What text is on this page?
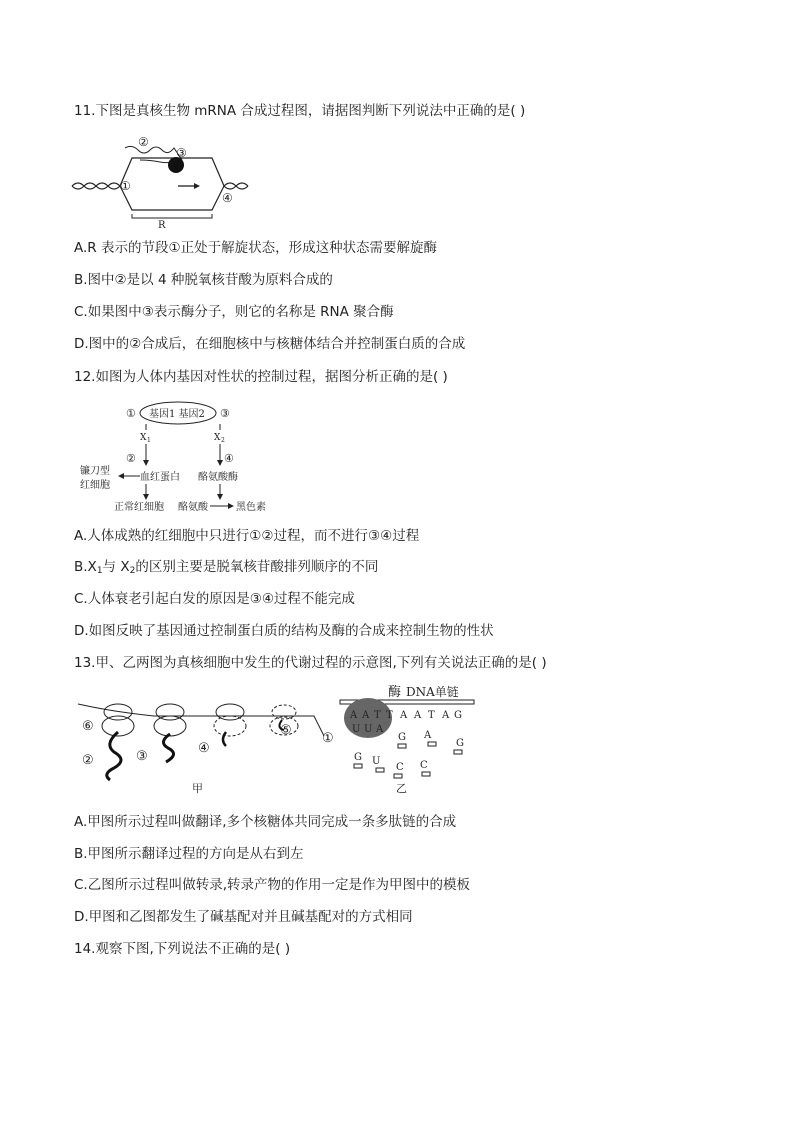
11.下图是真核生物 mRNA 合成过程图，请据图判断下列说法中正确的是( )
R
①
②
③
④
A.R 表示的节段①正处于解旋状态，形成这种状态需要解旋酶
B.图中②是以 4 种脱氧核苷酸为原料合成的
C.如果图中③表示酶分子，则它的名称是 RNA 聚合酶
D.图中的②合成后，在细胞核中与核糖体结合并控制蛋白质的合成
12.如图为人体内基因对性状的控制过程，据图分析正确的是( )
基因1 基因2
①	③
X 1
②
血红蛋白
镰刀型
红细胞
正常红细胞
X 2
④
酪氨酸酶
酪氨酸	黑色素
A.人体成熟的红细胞中只进行①②过程，而不进行③④过程
$B.X_1$与 $X_2$的区别主要是脱氧核苷酸排列顺序的不同
C.人体衰老引起白发的原因是③④过程不能完成
D.如图反映了基因通过控制蛋白质的结构及酶的合成来控制生物的性状
13.甲、乙两图为真核细胞中发生的代谢过程的示意图,下列有关说法正确的是( )
⑥
②	③
④
⑤
①
甲
酶 DNA单链
A A T T A A T A G
U U A
G A
G
G U
C C
乙
A.甲图所示过程叫做翻译,多个核糖体共同完成一条多肽链的合成
B.甲图所示翻译过程的方向是从右到左
C.乙图所示过程叫做转录,转录产物的作用一定是作为甲图中的模板
D.甲图和乙图都发生了碱基配对并且碱基配对的方式相同
14.观察下图,下列说法不正确的是( )
